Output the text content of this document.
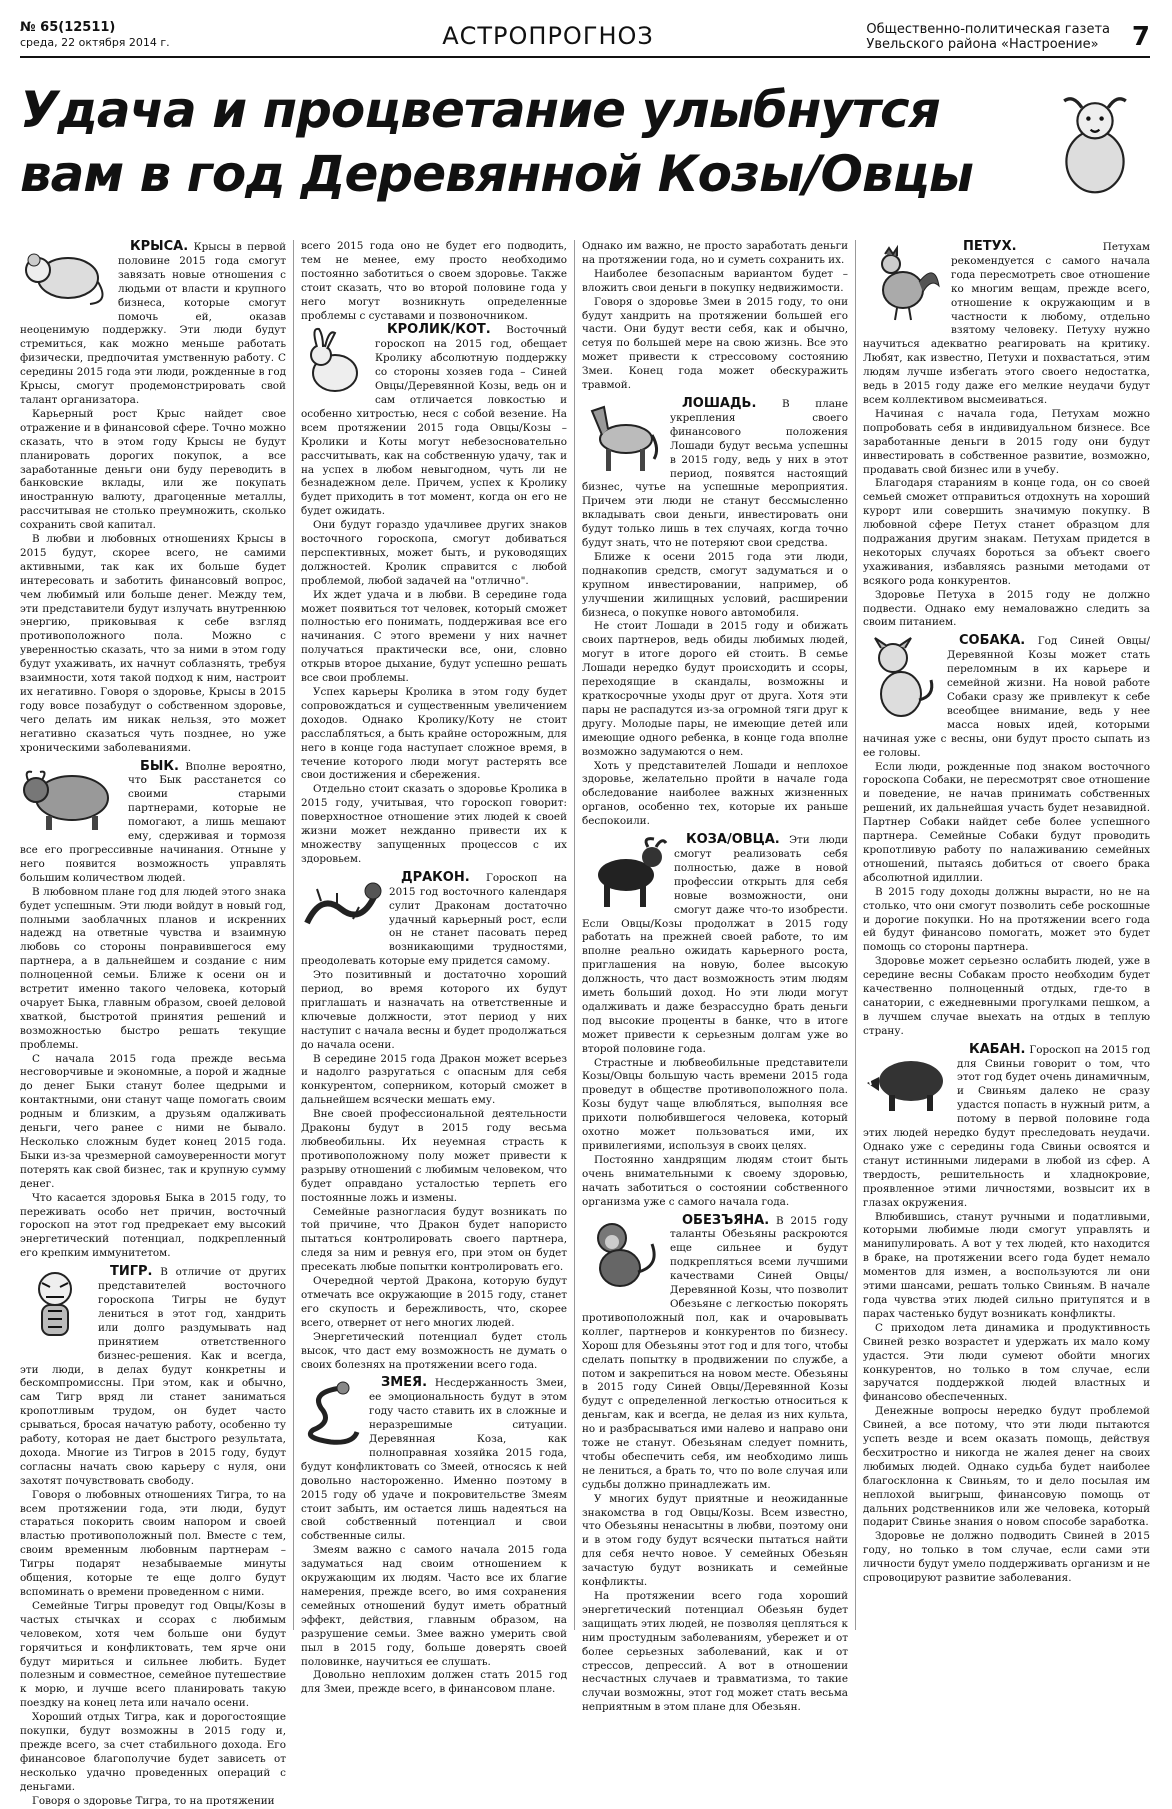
№ 65(12511)
среда, 22 октября 2014 г.	АСТРОПРОГНОЗ	Общественно-политическая газета
Увельского района «Настроение»	7
Удача и процветание улыбнутся
вам в год Деревянной Козы/Овцы

КРЫСА. Крысы в первой половине 2015 года смогут завязать новые отношения с людьми от власти и крупного бизнеса, которые смогут помочь ей, оказав неоценимую поддержку. Эти люди будут стремиться, как можно меньше работать физически, предпочитая умственную работу. С середины 2015 года эти люди, рожденные в год Крысы, смогут продемонстрировать свой талант организатора.

Карьерный рост Крыс найдет свое отражение и в финансовой сфере. Точно можно сказать, что в этом году Крысы не будут планировать дорогих покупок, а все заработанные деньги они буду переводить в банковские вклады, или же покупать иностранную валюту, драгоценные металлы, рассчитывая не столько преумножить, сколько сохранить свой капитал.

В любви и любовных отношениях Крысы в 2015 будут, скорее всего, не самими активными, так как их больше будет интересовать и заботить финансовый вопрос, чем любимый или больше денег. Между тем, эти представители будут излучать внутреннюю энергию, приковывая к себе взгляд противоположного пола. Можно с уверенностью сказать, что за ними в этом году будут ухаживать, их начнут соблазнять, требуя взаимности, хотя такой подход к ним, настроит их негативно. Говоря о здоровье, Крысы в 2015 году вовсе позабудут о собственном здоровье, чего делать им никак нельзя, это может негативно сказаться чуть позднее, но уже хроническими заболеваниями.

БЫК. Вполне вероятно, что Бык расстанется со своими старыми партнерами, которые не помогают, а лишь мешают ему, сдерживая и тормозя все его прогрессивные начинания. Отныне у него появится возможность управлять большим количеством людей.

В любовном плане год для людей этого знака будет успешным. Эти люди войдут в новый год, полными заоблачных планов и искренних надежд на ответные чувства и взаимную любовь со стороны понравившегося ему партнера, а в дальнейшем и создание с ним полноценной семьи. Ближе к осени он и встретит именно такого человека, который очарует Быка, главным образом, своей деловой хваткой, быстротой принятия решений и возможностью быстро решать текущие проблемы.

С начала 2015 года прежде весьма несговорчивые и экономные, а порой и жадные до денег Быки станут более щедрыми и контактными, они станут чаще помогать своим родным и близким, а друзьям одалживать деньги, чего ранее с ними не бывало. Несколько сложным будет конец 2015 года. Быки из-за чрезмерной самоуверенности могут потерять как свой бизнес, так и крупную сумму денег.

Что касается здоровья Быка в 2015 году, то переживать особо нет причин, восточный гороскоп на этот год предрекает ему высокий энергетический потенциал, подкрепленный его крепким иммунитетом.

ТИГР. В отличие от других представителей восточного гороскопа Тигры не будут лениться в этот год, хандрить или долго раздумывать над принятием ответственного бизнес-решения. Как и всегда, эти люди, в делах будут конкретны и бескомпромиссны. При этом, как и обычно, сам Тигр вряд ли станет заниматься кропотливым трудом, он будет часто срываться, бросая начатую работу, особенно ту работу, которая не дает быстрого результата, дохода. Многие из Тигров в 2015 году, будут согласны начать свою карьеру с нуля, они захотят почувствовать свободу.

Говоря о любовных отношениях Тигра, то на всем протяжении года, эти люди, будут стараться покорить своим напором и своей властью противоположный пол. Вместе с тем, своим временным любовным партнерам – Тигры подарят незабываемые минуты общения, которые те еще долго будут вспоминать о времени проведенном с ними.

Семейные Тигры проведут год Овцы/Козы в частых стычках и ссорах с любимым человеком, хотя чем больше они будут горячиться и конфликтовать, тем ярче они будут мириться и сильнее любить. Будет полезным и совместное, семейное путешествие к морю, и лучше всего планировать такую поездку на конец лета или начало осени.

Хороший отдых Тигра, как и дорогостоящие покупки, будут возможны в 2015 году и, прежде всего, за счет стабильного дохода. Его финансовое благополучие будет зависеть от несколько удачно проведенных операций с деньгами.

Говоря о здоровье Тигра, то на протяжении

всего 2015 года оно не будет его подводить, тем не менее, ему просто необходимо постоянно заботиться о своем здоровье. Также стоит сказать, что во второй половине года у него могут возникнуть определенные проблемы с суставами и позвоночником.

КРОЛИК/КОТ. Восточный гороскоп на 2015 год, обещает Кролику абсолютную поддержку со стороны хозяев года – Синей Овцы/Деревянной Козы, ведь он и сам отличается ловкостью и особенно хитростью, неся с собой везение. На всем протяжении 2015 года Овцы/Козы – Кролики и Коты могут небезосновательно рассчитывать, как на собственную удачу, так и на успех в любом невыгодном, чуть ли не безнадежном деле. Причем, успех к Кролику будет приходить в тот момент, когда он его не будет ожидать.

Они будут гораздо удачливее других знаков восточного гороскопа, смогут добиваться перспективных, может быть, и руководящих должностей. Кролик справится с любой проблемой, любой задачей на "отлично".

Их ждет удача и в любви. В середине года может появиться тот человек, который сможет полностью его понимать, поддерживая все его начинания. С этого времени у них начнет получаться практически все, они, словно открыв второе дыхание, будут успешно решать все свои проблемы.

Успех карьеры Кролика в этом году будет сопровождаться и существенным увеличением доходов. Однако Кролику/Коту не стоит расслабляться, а быть крайне осторожным, для него в конце года наступает сложное время, в течение которого люди могут растерять все свои достижения и сбережения.

Отдельно стоит сказать о здоровье Кролика в 2015 году, учитывая, что гороскоп говорит: поверхностное отношение этих людей к своей жизни может нежданно привести их к множеству запущенных процессов с их здоровьем.

ДРАКОН. Гороскоп на 2015 год восточного календаря сулит Драконам достаточно удачный карьерный рост, если он не станет пасовать перед возникающими трудностями, преодолевать которые ему придется самому.

Это позитивный и достаточно хороший период, во время которого их будут приглашать и назначать на ответственные и ключевые должности, этот период у них наступит с начала весны и будет продолжаться до начала осени.

В середине 2015 года Дракон может всерьез и надолго разругаться с опасным для себя конкурентом, соперником, который сможет в дальнейшем всячески мешать ему.

Вне своей профессиональной деятельности Драконы будут в 2015 году весьма любвеобильны. Их неуемная страсть к противоположному полу может привести к разрыву отношений с любимым человеком, что будет оправдано усталостью терпеть его постоянные ложь и измены.

Семейные разногласия будут возникать по той причине, что Дракон будет напористо пытаться контролировать своего партнера, следя за ним и ревнуя его, при этом он будет пресекать любые попытки контролировать его.

Очередной чертой Дракона, которую будут отмечать все окружающие в 2015 году, станет его скупость и бережливость, что, скорее всего, отвернет от него многих людей.

Энергетический потенциал будет столь высок, что даст ему возможность не думать о своих болезнях на протяжении всего года.

ЗМЕЯ. Несдержанность Змеи, ее эмоциональность будут в этом году часто ставить их в сложные и неразрешимые ситуации. Деревянная Коза, как полноправная хозяйка 2015 года, будут конфликтовать со Змеей, относясь к ней довольно настороженно. Именно поэтому в 2015 году об удаче и покровительстве Змеям стоит забыть, им остается лишь надеяться на свой собственный потенциал и свои собственные силы.

Змеям важно с самого начала 2015 года задуматься над своим отношением к окружающим их людям. Часто все их благие намерения, прежде всего, во имя сохранения семейных отношений будут иметь обратный эффект, действия, главным образом, на разрушение семьи. Змее важно умерить свой пыл в 2015 году, больше доверять своей половинке, научиться ее слушать.

Довольно неплохим должен стать 2015 год для Змеи, прежде всего, в финансовом плане.

Однако им важно, не просто заработать деньги на протяжении года, но и суметь сохранить их.

Наиболее безопасным вариантом будет – вложить свои деньги в покупку недвижимости.

Говоря о здоровье Змеи в 2015 году, то они будут хандрить на протяжении большей его части. Они будут вести себя, как и обычно, сетуя по большей мере на свою жизнь. Все это может привести к стрессовому состоянию Змеи. Конец года может обескуражить травмой.

ЛОШАДЬ. В плане укрепления своего финансового положения Лошади будут весьма успешны в 2015 году, ведь у них в этот период, появятся настоящий бизнес, чутье на успешные мероприятия. Причем эти люди не станут бессмысленно вкладывать свои деньги, инвестировать они будут только лишь в тех случаях, когда точно будут знать, что не потеряют свои средства.

Ближе к осени 2015 года эти люди, поднакопив средств, смогут задуматься и о крупном инвестировании, например, об улучшении жилищных условий, расширении бизнеса, о покупке нового автомобиля.

Не стоит Лошади в 2015 году и обижать своих партнеров, ведь обиды любимых людей, могут в итоге дорого ей стоить. В семье Лошади нередко будут происходить и ссоры, переходящие в скандалы, возможны и краткосрочные уходы друг от друга. Хотя эти пары не распадутся из-за огромной тяги друг к другу. Молодые пары, не имеющие детей или имеющие одного ребенка, в конце года вполне возможно задумаются о нем.

Хоть у представителей Лошади и неплохое здоровье, желательно пройти в начале года обследование наиболее важных жизненных органов, особенно тех, которые их раньше беспокоили.

КОЗА/ОВЦА. Эти люди смогут реализовать себя полностью, даже в новой профессии открыть для себя новые возможности, они смогут даже что-то изобрести. Если Овцы/Козы продолжат в 2015 году работать на прежней своей работе, то им вполне реально ожидать карьерного роста, приглашения на новую, более высокую должность, что даст возможность этим людям иметь больший доход. Но эти люди могут одалживать и даже безрассудно брать деньги под высокие проценты в банке, что в итоге может привести к серьезным долгам уже во второй половине года.

Страстные и любвеобильные представители Козы/Овцы большую часть времени 2015 года проведут в обществе противоположного пола. Козы будут чаще влюбляться, выполняя все прихоти полюбившегося человека, который охотно может пользоваться ими, их привилегиями, используя в своих целях.

Постоянно хандрящим людям стоит быть очень внимательными к своему здоровью, начать заботиться о состоянии собственного организма уже с самого начала года.

ОБЕЗЪЯНА. В 2015 году таланты Обезьяны раскроются еще сильнее и будут подкрепляться всеми лучшими качествами Синей Овцы/Деревянной Козы, что позволит Обезьяне с легкостью покорять противоположный пол, как и очаровывать коллег, партнеров и конкурентов по бизнесу. Хорош для Обезьяны этот год и для того, чтобы сделать попытку в продвижении по службе, а потом и закрепиться на новом месте. Обезьяны в 2015 году Синей Овцы/Деревянной Козы будут с определенной легкостью относиться к деньгам, как и всегда, не делая из них культа, но и разбрасываться ими налево и направо они тоже не станут. Обезьянам следует помнить, чтобы обеспечить себя, им необходимо лишь не лениться, а брать то, что по воле случая или судьбы должно принадлежать им.

У многих будут приятные и неожиданные знакомства в год Овцы/Козы. Всем известно, что Обезьяны ненасытны в любви, поэтому они и в этом году будут всячески пытаться найти для себя нечто новое. У семейных Обезьян зачастую будут возникать и семейные конфликты.

На протяжении всего года хороший энергетический потенциал Обезьян будет защищать этих людей, не позволяя цепляться к ним простудным заболеваниям, убережет и от более серьезных заболеваний, как и от стрессов, депрессий. А вот в отношении несчастных случаев и травматизма, то такие случаи возможны, этот год может стать весьма неприятным в этом плане для Обезьян.

ПЕТУХ.	Петухам рекомендуется с самого начала года пересмотреть свое отношение ко многим вещам, прежде всего, отношение к окружающим и в частности к любому, отдельно взятому человеку. Петуху нужно научиться адекватно реагировать на критику. Любят, как известно, Петухи и похвастаться, этим людям лучше избегать этого своего недостатка, ведь в 2015 году даже его мелкие неудачи будут всем коллективом высмеиваться.

Начиная с начала года, Петухам можно попробовать себя в индивидуальном бизнесе. Все заработанные деньги в 2015 году они будут инвестировать в собственное развитие, возможно, продавать свой бизнес или в учебу.

Благодаря стараниям в конце года, он со своей семьей сможет отправиться отдохнуть на хороший курорт или совершить значимую покупку. В любовной сфере Петух станет образцом для подражания другим знакам. Петухам придется в некоторых случаях бороться за объект своего ухаживания, избавляясь разными методами от всякого рода конкурентов.

Здоровье Петуха в 2015 году не должно подвести. Однако ему немаловажно следить за своим питанием.

СОБАКА. Год Синей Овцы/Деревянной Козы может стать переломным в их карьере и семейной жизни. На новой работе Собаки сразу же привлекут к себе всеобщее внимание, ведь у нее масса новых идей, которыми начиная уже с весны, они будут просто сыпать из ее головы.

Если люди, рожденные под знаком восточного гороскопа Собаки, не пересмотрят свое отношение и поведение, не начав принимать собственных решений, их дальнейшая участь будет незавидной. Партнер Собаки найдет себе более успешного партнера. Семейные Собаки будут проводить кропотливую работу по налаживанию семейных отношений, пытаясь добиться от своего брака абсолютной идиллии.

В 2015 году доходы должны вырасти, но не на столько, что они смогут позволить себе роскошные и дорогие покупки. Но на протяжении всего года ей будут финансово помогать, может это будет помощь со стороны партнера.

Здоровье может серьезно ослабить людей, уже в середине весны Собакам просто необходим будет качественно полноценный отдых, где-то в санатории, с ежедневными прогулками пешком, а в лучшем случае выехать на отдых в теплую страну.

КАБАН. Гороскоп на 2015 год для Свиньи говорит о том, что этот год будет очень динамичным, и Свиньям далеко не сразу удастся попасть в нужный ритм, а потому в первой половине года этих людей нередко будут преследовать неудачи. Однако уже с середины года Свиньи освоятся и станут истинными лидерами в любой из сфер. А твердость, решительность и хладнокровие, проявленное этими личностями, возвысит их в глазах окружения.

Влюбившись, станут ручными и податливыми, которыми любимые люди смогут управлять и манипулировать. А вот у тех людей, кто находится в браке, на протяжении всего года будет немало моментов для измен, а воспользуются ли они этими шансами, решать только Свиньям. В начале года чувства этих людей сильно притупятся и в парах частенько будут возникать конфликты.

С приходом лета динамика и продуктивность Свиней резко возрастет и удержать их мало кому удастся. Эти люди сумеют обойти многих конкурентов, но только в том случае, если заручатся поддержкой людей властных и финансово обеспеченных.

Денежные вопросы нередко будут проблемой Свиней, а все потому, что эти люди пытаются успеть везде и всем оказать помощь, действуя бесхитростно и никогда не жалея денег на своих любимых людей. Однако судьба будет наиболее благосклонна к Свиньям, то и дело посылая им неплохой выигрыш, финансовую помощь от дальних родственников или же человека, который подарит Свинье знания о новом способе заработка.

Здоровье не должно подводить Свиней в 2015 году, но только в том случае, если сами эти личности будут умело поддерживать организм и не спровоцируют развитие заболевания.
